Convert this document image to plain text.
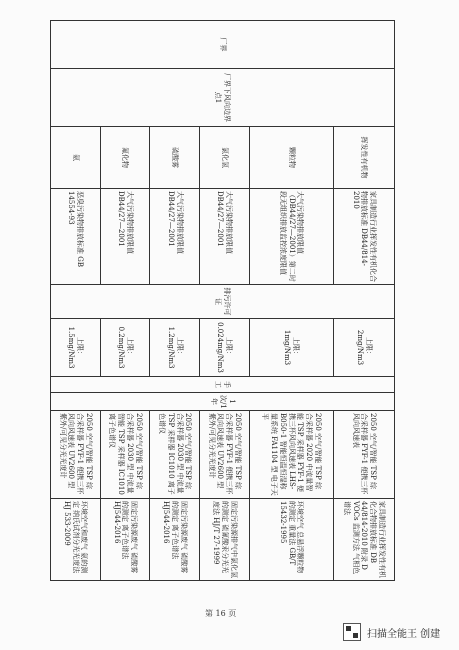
厂界	厂界下风向边界点1	挥发性有机物	家具制造行业挥发性有机化合物排放标准 DB44/814-2010	排污许可证	上限：2mg/Nm3	手工	1次/1年	2050 空气/智能 TSP 综合采样器 FYF-1 便携三杯风向风速表	家具制造行业挥发性有机化合物排放标准 DB 44/814-2010 附录 D VOCs 监测方法 气相色谱法
		颗粒物	大气污染物排放限值（DB44/27—2001）第二时段无组织排放监控浓度限值		上限：1mg/Nm3			2050 空气/智能 TSP 综合采样器 2020 中流量智能 TSP 采样器 FYF-1 便携三杯风向风速表 LHS-B050-1 智能恒温恒湿称量系统 FA1104 型 电子天平	环境空气 总悬浮颗粒物的测定 重量法 GB/T 15432-1995
		氯化氢	大气污染物排放限值 DB44/27—2001		上限：0.024mg/Nm3			2050 空气/智能 TSP 综合采样器 FYF-1 便携三杯风向风速表 UV2600 型 紫外/可见分光光度计	固定污染源排气中氯化氢的测定 硫氰酸汞分光光度法 HJ/T 27-1999
		硫酸雾	大气污染物排放限值 DB44/27—2001		上限：1.2mg/Nm3			2050 空气/智能 TSP 综合采样器 2030 型 中流量 TSP 采样器 IC1010 离子色谱仪	固定污染源废气 硫酸雾的测定 离子色谱法 HJ544-2016
		氟化物	大气污染物排放限值 DB44/27—2001		上限：0.2mg/Nm3			2050 空气/智能 TSP 综合采样器 2030 型 中流量智能 TSP 采样器 IC1010 离子色谱仪	固定污染源废气 硫酸雾的测定 离子色谱法 HJ544-2016
		氨	恶臭污染物排放标准 GB 14554-93		上限：1.5mg/Nm3			2050 空气/智能 TSP 综合采样器 FYF-1 便携三杯风向风速表 UV2600 型 紫外/可见分光光度计	环境空气和废气 氨的测定 纳氏试剂分光光度法 HJ 533-2009
第 16 页
扫描全能王 创建
